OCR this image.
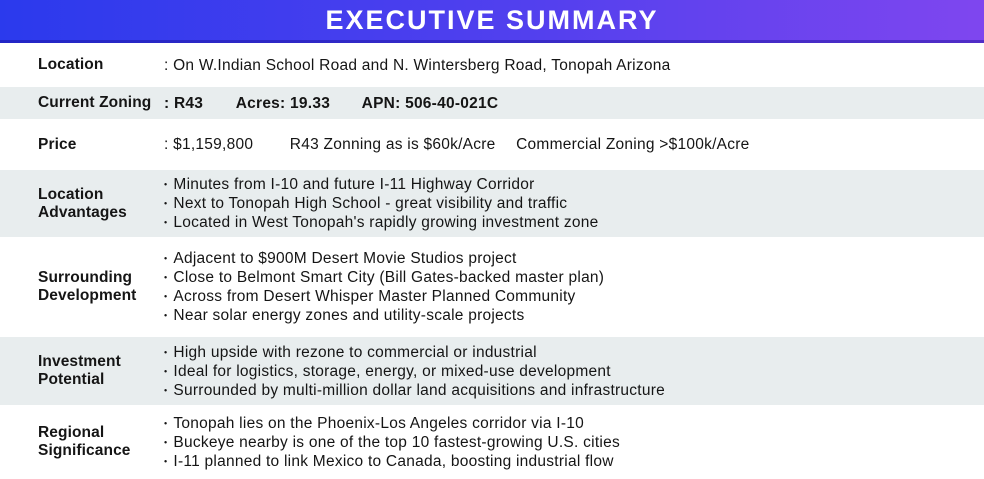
EXECUTIVE SUMMARY
Location	: On W.Indian School Road and N. Wintersberg Road, Tonopah Arizona
Current Zoning : R43 Acres: 19.33 APN: 506-40-021C
Price	: $1,159,800 R43 Zonning as is $60k/Acre Commercial Zoning >$100k/Acre
Location Advantages
• Minutes from I-10 and future I-11 Highway Corridor
• Next to Tonopah High School - great visibility and traffic
• Located in West Tonopah's rapidly growing investment zone
Surrounding Development
• Adjacent to $900M Desert Movie Studios project
• Close to Belmont Smart City (Bill Gates-backed master plan)
• Across from Desert Whisper Master Planned Community
• Near solar energy zones and utility-scale projects
Investment Potential
• High upside with rezone to commercial or industrial
• Ideal for logistics, storage, energy, or mixed-use development
• Surrounded by multi-million dollar land acquisitions and infrastructure
Regional Significance
• Tonopah lies on the Phoenix-Los Angeles corridor via I-10
• Buckeye nearby is one of the top 10 fastest-growing U.S. cities
• I-11 planned to link Mexico to Canada, boosting industrial flow
